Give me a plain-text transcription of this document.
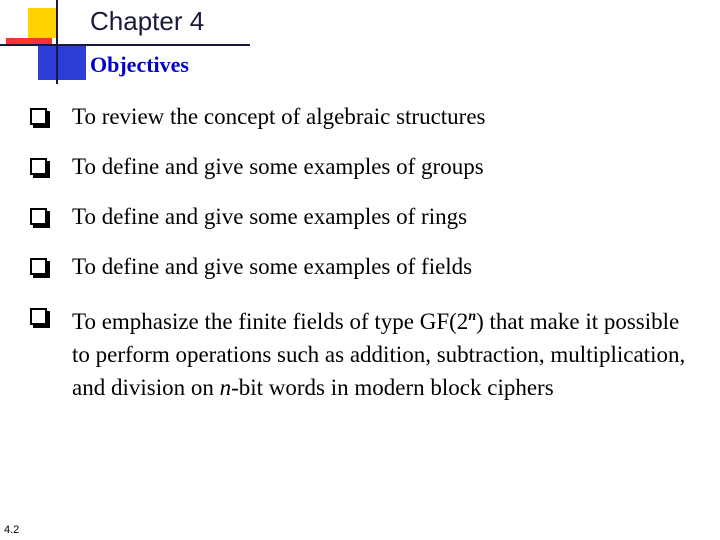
Chapter 4
Objectives
To review the concept of algebraic structures
To define and give some examples of groups
To define and give some examples of rings
To define and give some examples of fields
To emphasize the finite fields of type GF(2$^n$) that make it possible to perform operations such as addition, subtraction, multiplication, and division on n-bit words in modern block ciphers
4.2
